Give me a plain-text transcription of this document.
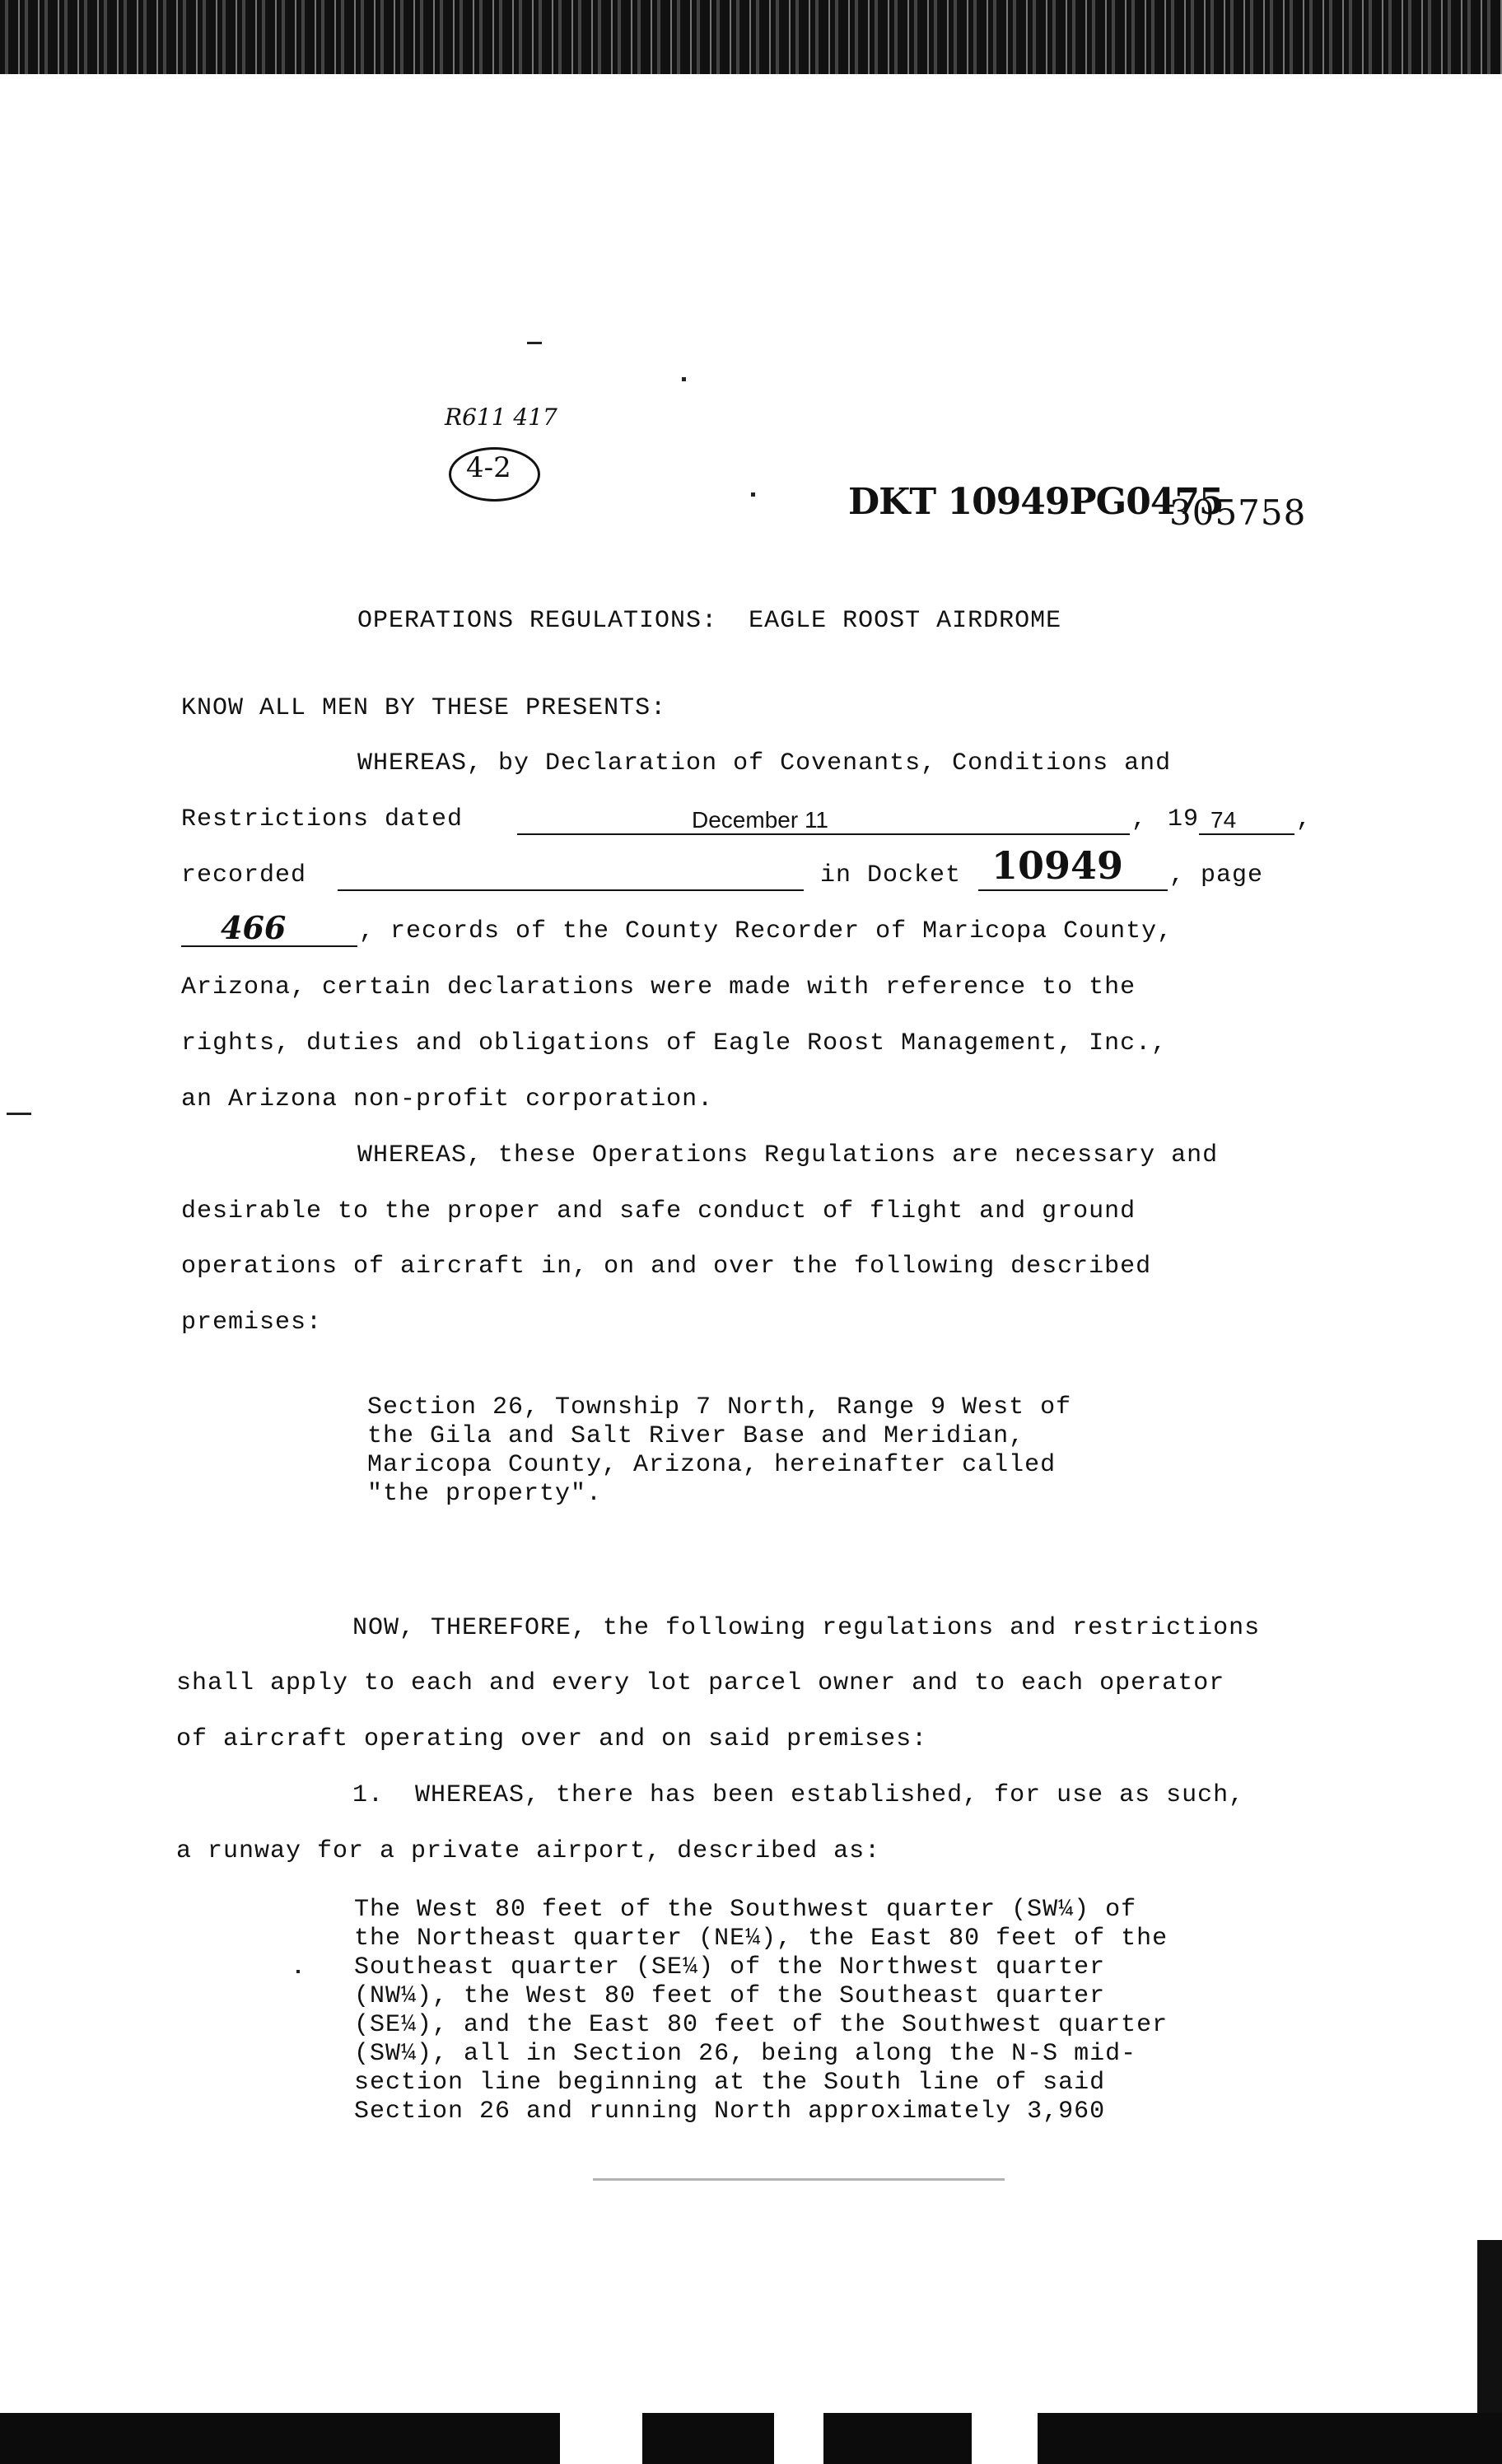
R611 417
4-2
DKT 10949PG0475
305758
OPERATIONS REGULATIONS:  EAGLE ROOST AIRDROME
KNOW ALL MEN BY THESE PRESENTS:
WHEREAS, by Declaration of Covenants, Conditions and
Restrictions dated	December 11	, 19 74 ,
recorded	in Docket 10949 , page
466	, records of the County Recorder of Maricopa County,
Arizona, certain declarations were made with reference to the
rights, duties and obligations of Eagle Roost Management, Inc.,
an Arizona non-profit corporation.
WHEREAS, these Operations Regulations are necessary and
desirable to the proper and safe conduct of flight and ground
operations of aircraft in, on and over the following described
premises:
Section 26, Township 7 North, Range 9 West of
the Gila and Salt River Base and Meridian,
Maricopa County, Arizona, hereinafter called
"the property".
NOW, THEREFORE, the following regulations and restrictions
shall apply to each and every lot parcel owner and to each operator
of aircraft operating over and on said premises:
1.  WHEREAS, there has been established, for use as such,
a runway for a private airport, described as:
The West 80 feet of the Southwest quarter (SW¼) of
the Northeast quarter (NE¼), the East 80 feet of the
Southeast quarter (SE¼) of the Northwest quarter
(NW¼), the West 80 feet of the Southeast quarter
(SE¼), and the East 80 feet of the Southwest quarter
(SW¼), all in Section 26, being along the N-S mid-
section line beginning at the South line of said
Section 26 and running North approximately 3,960
